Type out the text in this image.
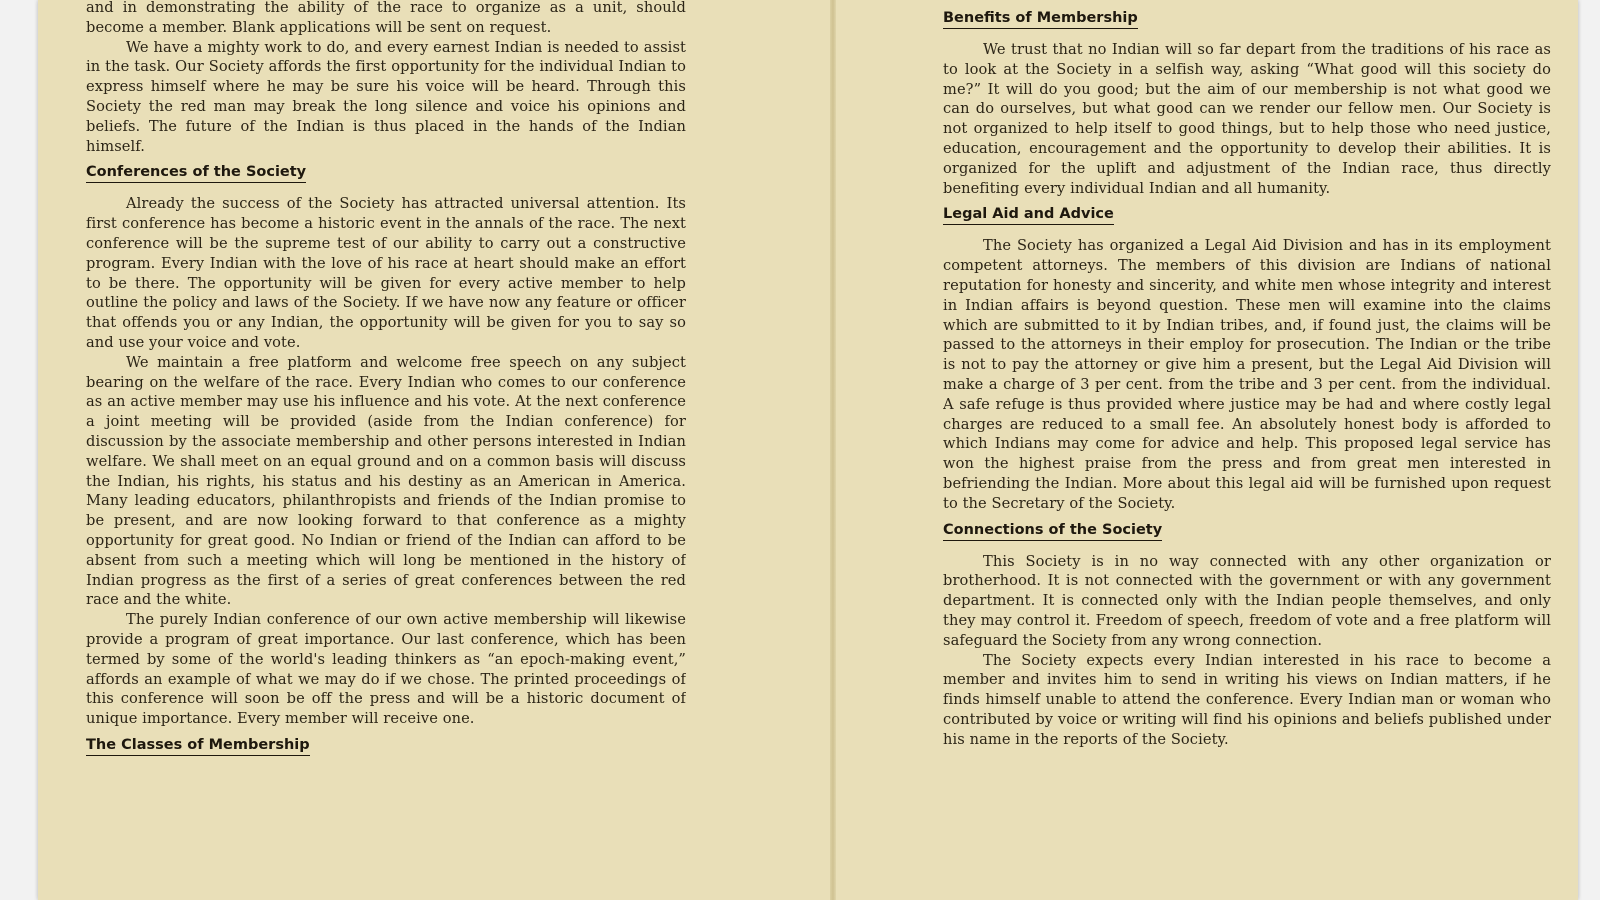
and in demonstrating the ability of the race to organize as a unit, should become a member. Blank applications will be sent on request.

We have a mighty work to do, and every earnest Indian is needed to assist in the task. Our Society affords the first opportunity for the individual Indian to express himself where he may be sure his voice will be heard. Through this Society the red man may break the long silence and voice his opinions and beliefs. The future of the Indian is thus placed in the hands of the Indian himself.

Conferences of the Society

Already the success of the Society has attracted universal attention. Its first conference has become a historic event in the annals of the race. The next conference will be the supreme test of our ability to carry out a constructive program. Every Indian with the love of his race at heart should make an effort to be there. The opportunity will be given for every active member to help outline the policy and laws of the Society. If we have now any feature or officer that offends you or any Indian, the opportunity will be given for you to say so and use your voice and vote.

We maintain a free platform and welcome free speech on any subject bearing on the welfare of the race. Every Indian who comes to our conference as an active member may use his influence and his vote. At the next conference a joint meeting will be provided (aside from the Indian conference) for discussion by the associate membership and other persons interested in Indian welfare. We shall meet on an equal ground and on a common basis will discuss the Indian, his rights, his status and his destiny as an American in America. Many leading educators, philanthropists and friends of the Indian promise to be present, and are now looking forward to that conference as a mighty opportunity for great good. No Indian or friend of the Indian can afford to be absent from such a meeting which will long be mentioned in the history of Indian progress as the first of a series of great conferences between the red race and the white.

The purely Indian conference of our own active membership will likewise provide a program of great importance. Our last conference, which has been termed by some of the world's leading thinkers as “an epoch-making event,” affords an example of what we may do if we chose. The printed proceedings of this conference will soon be off the press and will be a historic document of unique importance. Every member will receive one.

The Classes of Membership
Benefits of Membership

We trust that no Indian will so far depart from the traditions of his race as to look at the Society in a selfish way, asking “What good will this society do me?” It will do you good; but the aim of our membership is not what good we can do ourselves, but what good can we render our fellow men. Our Society is not organized to help itself to good things, but to help those who need justice, education, encouragement and the opportunity to develop their abilities. It is organized for the uplift and adjustment of the Indian race, thus directly benefiting every individual Indian and all humanity.

Legal Aid and Advice

The Society has organized a Legal Aid Division and has in its employment competent attorneys. The members of this division are Indians of national reputation for honesty and sincerity, and white men whose integrity and interest in Indian affairs is beyond question. These men will examine into the claims which are submitted to it by Indian tribes, and, if found just, the claims will be passed to the attorneys in their employ for prosecution. The Indian or the tribe is not to pay the attorney or give him a present, but the Legal Aid Division will make a charge of 3 per cent. from the tribe and 3 per cent. from the individual. A safe refuge is thus provided where justice may be had and where costly legal charges are reduced to a small fee. An absolutely honest body is afforded to which Indians may come for advice and help. This proposed legal service has won the highest praise from the press and from great men interested in befriending the Indian. More about this legal aid will be furnished upon request to the Secretary of the Society.

Connections of the Society

This Society is in no way connected with any other organization or brotherhood. It is not connected with the government or with any government department. It is connected only with the Indian people themselves, and only they may control it. Freedom of speech, freedom of vote and a free platform will safeguard the Society from any wrong connection.

The Society expects every Indian interested in his race to become a member and invites him to send in writing his views on Indian matters, if he finds himself unable to attend the conference. Every Indian man or woman who contributed by voice or writing will find his opinions and beliefs published under his name in the reports of the Society.
